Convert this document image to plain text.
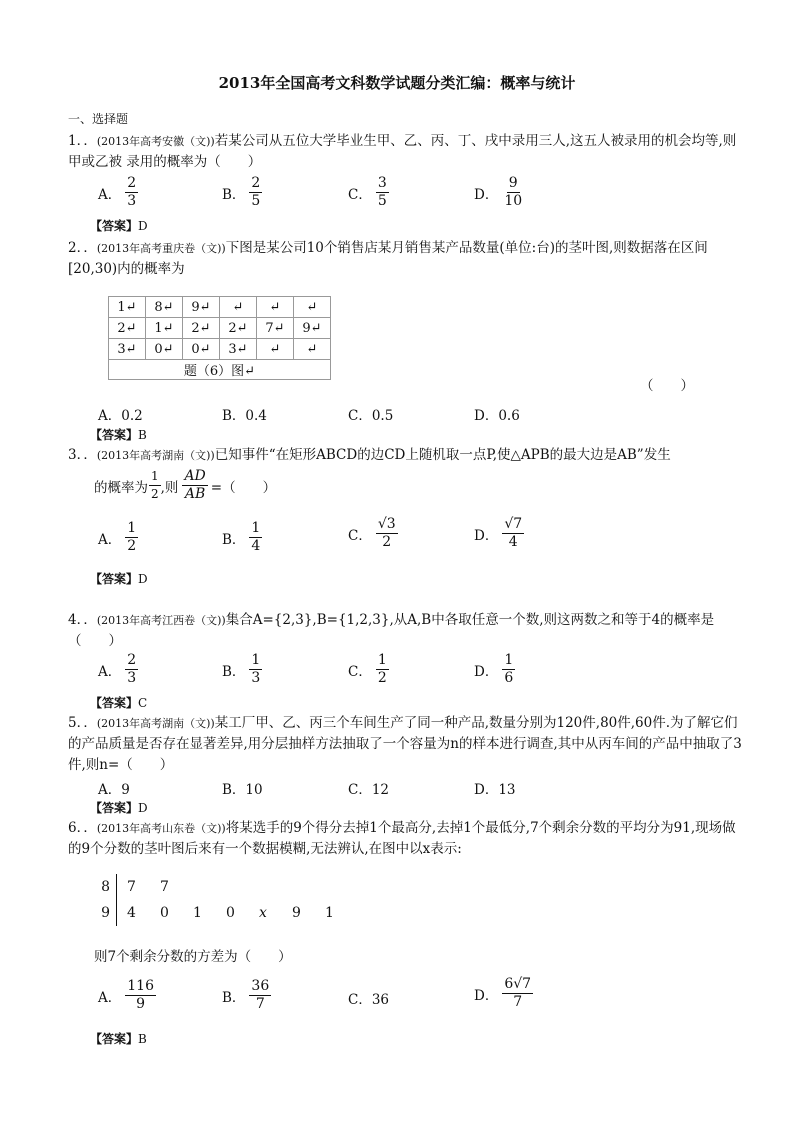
2013年全国高考文科数学试题分类汇编：概率与统计
一、选择题
1．．(2013年高考安徽（文))若某公司从五位大学毕业生甲、乙、丙、丁、戌中录用三人,这五人被录用的机会均等,则甲或乙被 录用的概率为（　　）
A． $\frac{2}{3}$	B． $\frac{2}{5}$	C． $\frac{3}{5}$	D． $\frac{9}{10}$
【答案】D
2．．(2013年高考重庆卷（文))下图是某公司10个销售店某月销售某产品数量(单位:台)的茎叶图,则数据落在区间[20,30)内的概率为
1↵	8↵	9↵	↵	↵	↵
2↵	1↵	2↵	2↵	7↵	9↵
3↵	0↵	0↵	3↵	↵	↵
题（6）图↵					
（　　）
A．0.2	B．0.4	C．0.5	D．0.6
【答案】B
3．．(2013年高考湖南（文))已知事件“在矩形ABCD的边CD上随机取一点P,使△APB的最大边是AB”发生
的概率为 $\frac{1}{2}$ ,则 $\frac{AD}{AB}$ =（　　）
A． $\frac{1}{2}$	B． $\frac{1}{4}$	C． $\frac{√3}{2}$	D． $\frac{√7}{4}$
【答案】D
4．．(2013年高考江西卷（文))集合A={2,3},B={1,2,3},从A,B中各取任意一个数,则这两数之和等于4的概率是（　　）
A． $\frac{2}{3}$	B． $\frac{1}{3}$	C． $\frac{1}{2}$	D． $\frac{1}{6}$
【答案】C
5．．(2013年高考湖南（文))某工厂甲、乙、丙三个车间生产了同一种产品,数量分别为120件,80件,60件.为了解它们的产品质量是否存在显著差异,用分层抽样方法抽取了一个容量为n的样本进行调查,其中从丙车间的产品中抽取了3件,则n=（　　）
A．9	B．10	C．12	D．13
【答案】D
6．．(2013年高考山东卷（文))将某选手的9个得分去掉1个最高分,去掉1个最低分,7个剩余分数的平均分为91,现场做的9个分数的茎叶图后来有一个数据模糊,无法辨认,在图中以x表示:
8 7 7
9 4 0 1 0 x 9 1
则7个剩余分数的方差为（　　）
A． $\frac{116}{9}$	B． $\frac{36}{7}$	C．36	D． $\frac{6√7}{7}$
【答案】B
